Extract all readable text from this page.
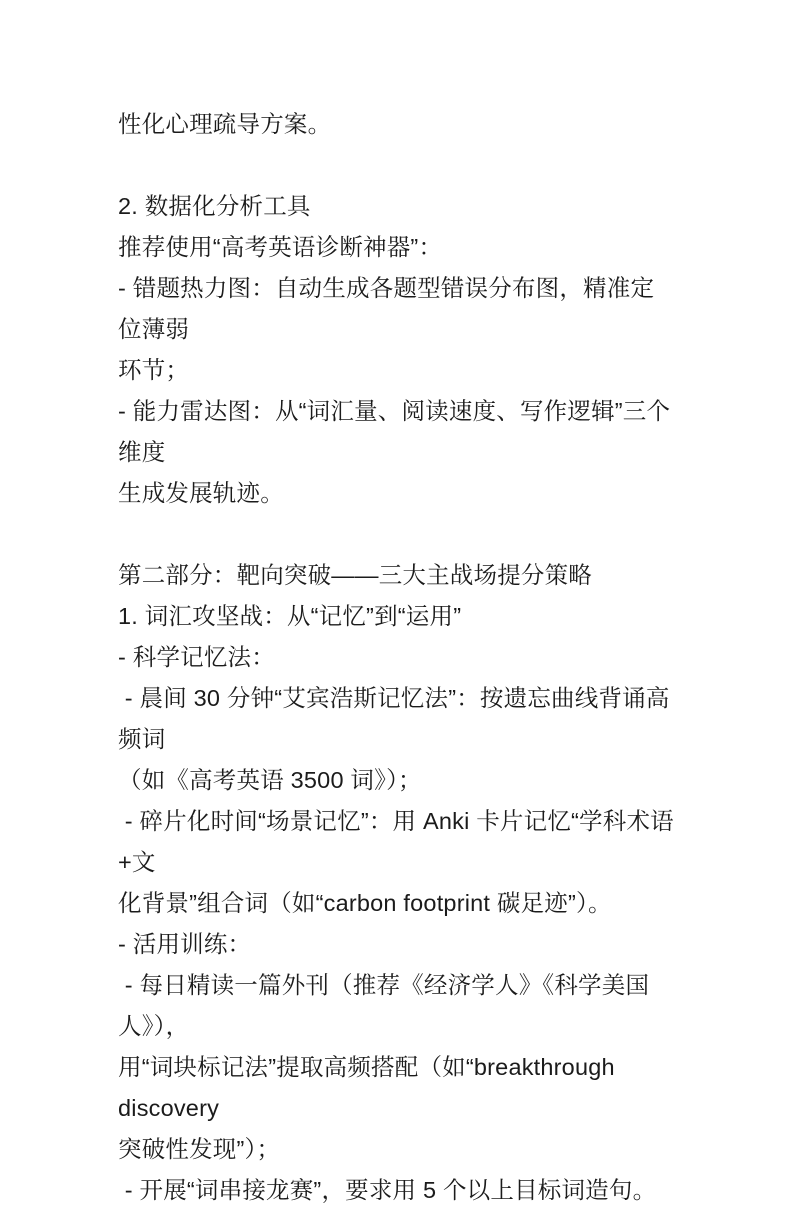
性化心理疏导方案。
2. 数据化分析工具
推荐使用“高考英语诊断神器”：
- 错题热力图：自动生成各题型错误分布图，精准定位薄弱
环节；
- 能力雷达图：从“词汇量、阅读速度、写作逻辑”三个维度
生成发展轨迹。
第二部分：靶向突破——三大主战场提分策略
1. 词汇攻坚战：从“记忆”到“运用”
- 科学记忆法：
- 晨间 30 分钟“艾宾浩斯记忆法”：按遗忘曲线背诵高频词
（如《高考英语 3500 词》）；
- 碎片化时间“场景记忆”：用 Anki 卡片记忆“学科术语+文
化背景”组合词（如“carbon footprint 碳足迹”）。
- 活用训练：
- 每日精读一篇外刊（推荐《经济学人》《科学美国人》），
用“词块标记法”提取高频搭配（如“breakthrough discovery
突破性发现”）；
- 开展“词串接龙赛”，要求用 5 个以上目标词造句。
